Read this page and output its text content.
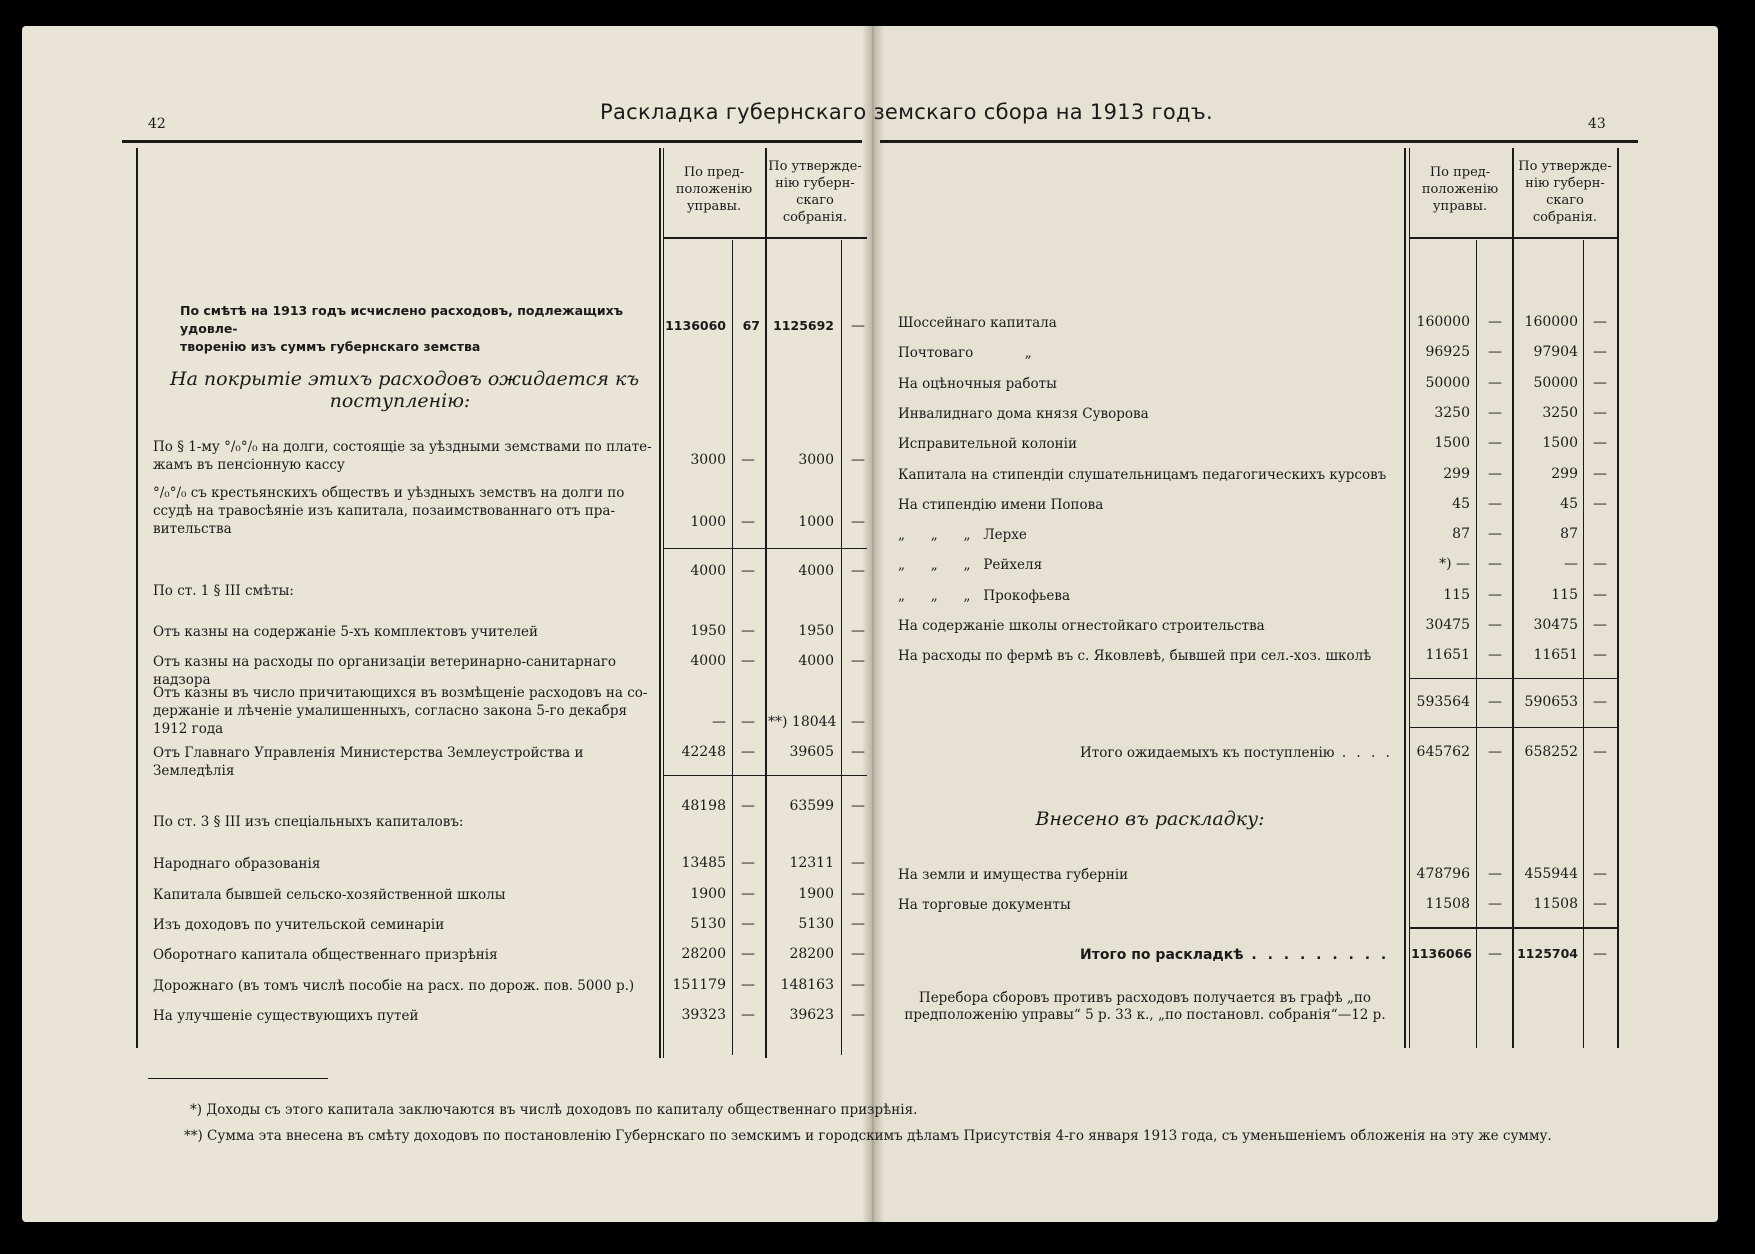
42	43
Раскладка губернскаго земскаго сбора на 1913 годъ.
По пред-
положенію
управы.
По утвержде-
нію губерн-
скаго
собранія.
По смѣтѣ на 1913 годъ исчислено расходовъ, подлежащихъ удовле-
творенію изъ суммъ губернскаго земства
1136060	67	1125692 —
На покрытіе этихъ расходовъ ожидается къ
поступленію:
По § 1-му °/₀°/₀ на долги, состоящіе за уѣздными земствами по плате-
жамъ въ пенсіонную кассу	3000 —	3000 —
°/₀°/₀ съ крестьянскихъ обществъ и уѣздныхъ земствъ на долги по
ссудѣ на травосѣяніе изъ капитала, позаимствованнаго отъ пра-
вительства	1000 —	1000 —
4000 —	4000 —
По ст. 1 § III смѣты:
Отъ казны на содержаніе 5-хъ комплектовъ учителей	1950 —	1950 —
Отъ казны на расходы по организаціи ветеринарно-санитарнаго надзора
4000 —	4000 —
Отъ казны въ число причитающихся въ возмѣщеніе расходовъ на со-
держаніе и лѣченіе умалишенныхъ, согласно закона 5-го декабря
1912 года	— — **) 18044 —
Отъ Главнаго Управленія Министерства Землеустройства и Земледѣлія
42248 —	39605 —
48198 —	63599 —
По ст. 3 § III изъ спеціальныхъ капиталовъ:
Народнаго образованія	13485 —	12311 —
Капитала бывшей сельско-хозяйственной школы	1900 —	1900 —
Изъ доходовъ по учительской семинаріи	5130 —	5130 —
Оборотнаго капитала общественнаго призрѣнія	28200 —	28200 —
Дорожнаго (въ томъ числѣ пособіе на расх. по дорож. пов. 5000 р.)	151179 —	148163 —
На улучшеніе существующихъ путей	39323 —	39623 —
По пред-
положенію
управы.
По утвержде-
нію губерн-
скаго
собранія.
Шоссейнаго капитала	160000 —	160000 —
Почтоваго            „	96925 —	97904 —
На оцѣночныя работы	50000 —	50000 —
Инвалиднаго дома князя Суворова	3250 —	3250 —
Исправительной колоніи	1500 —	1500 —
Капитала на стипендіи слушательницамъ педагогическихъ курсовъ	299 —	299 —
На стипендію имени Попова	45 —	45 —
„      „      „   Лерхе	87 —	87
„      „      „   Рейхеля	*) — —	— —
„      „      „   Прокофьева	115 —	115 —
На содержаніе школы огнестойкаго строительства	30475 —	30475 —
На расходы по фермѣ въ с. Яковлевѣ, бывшей при сел.-хоз. школѣ	11651 —	11651 —
593564 —	590653 —
Итого ожидаемыхъ къ поступленію . . . .	645762 —	658252 —
Внесено въ раскладку:
На земли и имущества губерніи	478796 —	455944 —
На торговые документы	11508 —	11508 —
Итого по раскладкѣ . . . . . . . . . 1136066 —	1125704 —
Перебора сборовъ противъ расходовъ получается въ графѣ „по
предположенію управы“ 5 р. 33 к., „по постановл. собранія“—12 р.
*) Доходы съ этого капитала заключаются въ числѣ доходовъ по капиталу общественнаго призрѣнія.
**) Сумма эта внесена въ смѣту доходовъ по постановленію Губернскаго по земскимъ и городскимъ дѣламъ Присутствія 4-го января 1913 года, съ уменьшеніемъ обложенія на эту же сумму.
